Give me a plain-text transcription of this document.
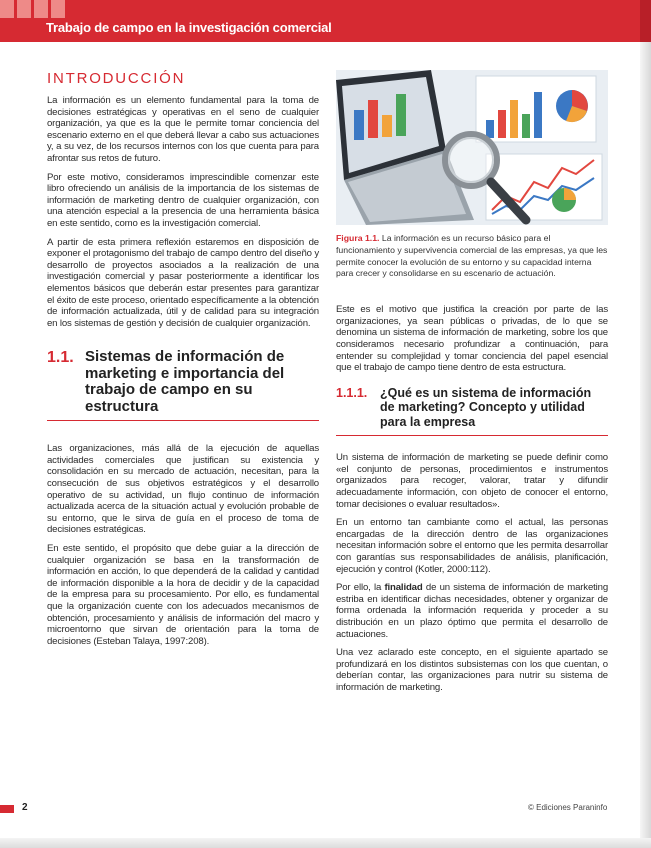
Trabajo de campo en la investigación comercial
INTRODUCCIÓN

La información es un elemento fundamental para la toma de decisiones estratégicas y operativas en el seno de cualquier organización, ya que es la que le permite tomar conciencia del escenario externo en el que deberá llevar a cabo sus actuaciones y, a su vez, de los recursos internos con los que cuenta para para afrontar sus retos de futuro.

Por este motivo, consideramos imprescindible comenzar este libro ofreciendo un análisis de la importancia de los sistemas de información de marketing dentro de cualquier organización, con una atención especial a la presencia de una herramienta básica en este sentido, como es la investigación comercial.

A partir de esta primera reflexión estaremos en disposición de exponer el protagonismo del trabajo de campo dentro del diseño y desarrollo de proyectos asociados a la realización de una investigación comercial y pasar posteriormente a identificar los elementos básicos que deberán estar presentes para garantizar el éxito de este proceso, orientado específicamente a la obtención de información actualizada, útil y de calidad para su integración en los sistemas de gestión y decisión de cualquier organización.

1.1. Sistemas de información de marketing e importancia del trabajo de campo en su estructura

Las organizaciones, más allá de la ejecución de aquellas actividades comerciales que justifican su existencia y consolidación en su mercado de actuación, necesitan, para la consecución de sus objetivos estratégicos y el desarrollo operativo de su actividad, un flujo continuo de información actualizada acerca de la situación actual y evolución probable de su entorno, que le sirva de guía en el proceso de toma de decisiones estratégicas.

En este sentido, el propósito que debe guiar a la dirección de cualquier organización se basa en la transformación de información en acción, lo que dependerá de la calidad y cantidad de información disponible a la hora de decidir y de la capacidad de la empresa para su procesamiento. Por ello, es fundamental que la organización cuente con los adecuados mecanismos de obtención, procesamiento y análisis de información del macro y microentorno que sirvan de orientación para la toma de decisiones (Esteban Talaya, 1997:208).

Figura 1.1. La información es un recurso básico para el funcionamiento y supervivencia comercial de las empresas, ya que les permite conocer la evolución de su entorno y su capacidad interna para crecer y consolidarse en su escenario de actuación.

Este es el motivo que justifica la creación por parte de las organizaciones, ya sean públicas o privadas, de lo que se denomina un sistema de información de marketing, sobre los que consideramos necesario profundizar a continuación, para entender su complejidad y tomar conciencia del papel esencial que el trabajo de campo tiene dentro de esta estructura.

1.1.1.	¿Qué es un sistema de información de marketing? Concepto y utilidad para la empresa

Un sistema de información de marketing se puede definir como «el conjunto de personas, procedimientos e instrumentos organizados para recoger, valorar, tratar y difundir adecuadamente información, con objeto de conocer el entorno, tomar decisiones o evaluar resultados».

En un entorno tan cambiante como el actual, las personas encargadas de la dirección dentro de las organizaciones necesitan información sobre el entorno que les permita desarrollar con garantías sus responsabilidades de análisis, planificación, ejecución y control (Kotler, 2000:112).

Por ello, la finalidad de un sistema de información de marketing estriba en identificar dichas necesidades, obtener y organizar de forma ordenada la información requerida y proceder a su distribución en un plazo óptimo que permita el desarrollo de actuaciones.

Una vez aclarado este concepto, en el siguiente apartado se profundizará en los distintos subsistemas con los que cuentan, o deberían contar, las organizaciones para nutrir su sistema de información de marketing.

2	© Ediciones Paraninfo
